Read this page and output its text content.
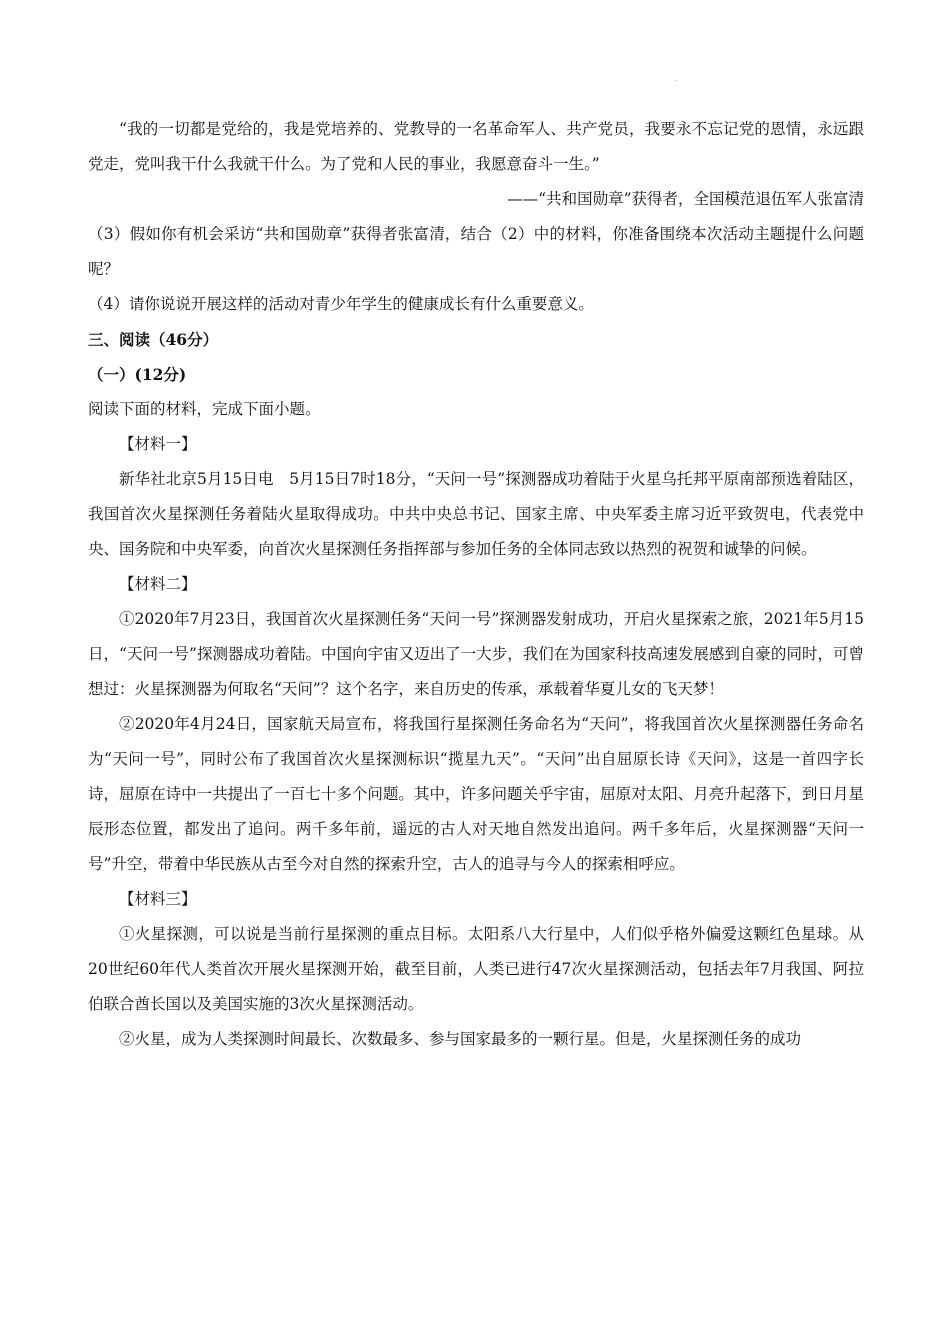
.

“我的一切都是党给的，我是党培养的、党教导的一名革命军人、共产党员，我要永不忘记党的恩情，永远跟党走，党叫我干什么我就干什么。为了党和人民的事业，我愿意奋斗一生。”

——“共和国勋章”获得者，全国模范退伍军人张富清

（3）假如你有机会采访“共和国勋章”获得者张富清，结合（2）中的材料，你准备围绕本次活动主题提什么问题呢？

（4）请你说说开展这样的活动对青少年学生的健康成长有什么重要意义。

三、阅读（46分）

（一）(12分)

阅读下面的材料，完成下面小题。

【材料一】

新华社北京5月15日电　5月15日7时18分，“天问一号”探测器成功着陆于火星乌托邦平原南部预选着陆区，我国首次火星探测任务着陆火星取得成功。中共中央总书记、国家主席、中央军委主席习近平致贺电，代表党中央、国务院和中央军委，向首次火星探测任务指挥部与参加任务的全体同志致以热烈的祝贺和诚挚的问候。

【材料二】

①2020年7月23日，我国首次火星探测任务“天问一号”探测器发射成功，开启火星探索之旅，2021年5月15日，“天问一号”探测器成功着陆。中国向宇宙又迈出了一大步，我们在为国家科技高速发展感到自豪的同时，可曾想过：火星探测器为何取名“天问”？这个名字，来自历史的传承，承载着华夏儿女的飞天梦！

②2020年4月24日，国家航天局宣布，将我国行星探测任务命名为“天问”，将我国首次火星探测器任务命名为“天问一号”，同时公布了我国首次火星探测标识“揽星九天”。“天问”出自屈原长诗《天问》，这是一首四字长诗，屈原在诗中一共提出了一百七十多个问题。其中，许多问题关乎宇宙，屈原对太阳、月亮升起落下，到日月星辰形态位置，都发出了追问。两千多年前，遥远的古人对天地自然发出追问。两千多年后，火星探测器“天问一号”升空，带着中华民族从古至今对自然的探索升空，古人的追寻与今人的探索相呼应。

【材料三】

①火星探测，可以说是当前行星探测的重点目标。太阳系八大行星中，人们似乎格外偏爱这颗红色星球。从20世纪60年代人类首次开展火星探测开始，截至目前，人类已进行47次火星探测活动，包括去年7月我国、阿拉伯联合酋长国以及美国实施的3次火星探测活动。

②火星，成为人类探测时间最长、次数最多、参与国家最多的一颗行星。但是，火星探测任务的成功
